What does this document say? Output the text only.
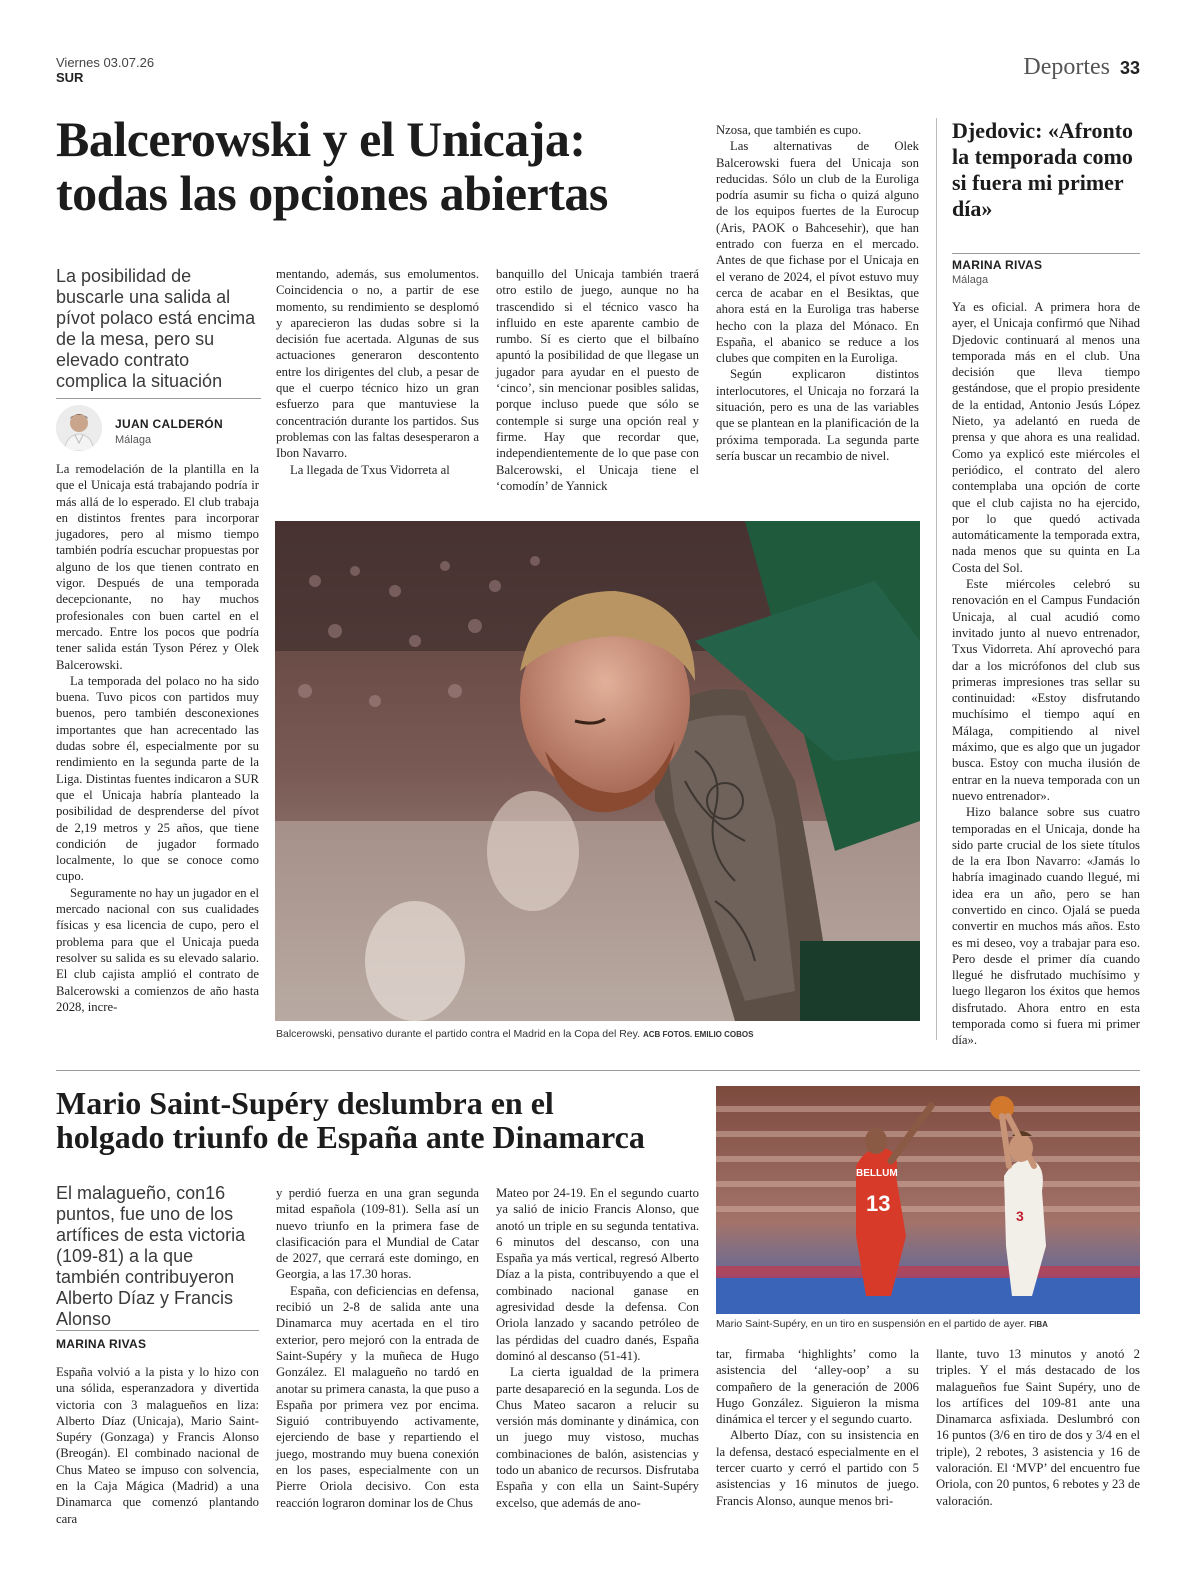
Viernes 03.07.26
SUR	Deportes 33
Balcerowski y el Unicaja:
todas las opciones abiertas
La posibilidad de buscarle una salida al pívot polaco está encima de la mesa, pero su elevado contrato complica la situación
JUAN CALDERÓN
Málaga

La remodelación de la plantilla en la que el Unicaja está trabajando podría ir más allá de lo esperado. El club trabaja en distintos frentes para incorporar jugadores, pero al mismo tiempo también podría escuchar propuestas por alguno de los que tienen contrato en vigor. Después de una temporada decepcionante, no hay muchos profesionales con buen cartel en el mercado. Entre los pocos que podría tener salida están Tyson Pérez y Olek Balcerowski.

La temporada del polaco no ha sido buena. Tuvo picos con partidos muy buenos, pero también desconexiones importantes que han acrecentado las dudas sobre él, especialmente por su rendimiento en la segunda parte de la Liga. Distintas fuentes indicaron a SUR que el Unicaja habría planteado la posibilidad de desprenderse del pívot de 2,19 metros y 25 años, que tiene condición de jugador formado localmente, lo que se conoce como cupo.

Seguramente no hay un jugador en el mercado nacional con sus cualidades físicas y esa licencia de cupo, pero el problema para que el Unicaja pueda resolver su salida es su elevado salario. El club cajista amplió el contrato de Balcerowski a comienzos de año hasta 2028, incre-

mentando, además, sus emolumentos. Coincidencia o no, a partir de ese momento, su rendimiento se desplomó y aparecieron las dudas sobre si la decisión fue acertada. Algunas de sus actuaciones generaron descontento entre los dirigentes del club, a pesar de que el cuerpo técnico hizo un gran esfuerzo para que mantuviese la concentración durante los partidos. Sus problemas con las faltas desesperaron a Ibon Navarro.

La llegada de Txus Vidorreta al

banquillo del Unicaja también traerá otro estilo de juego, aunque no ha trascendido si el técnico vasco ha influido en este aparente cambio de rumbo. Sí es cierto que el bilbaíno apuntó la posibilidad de que llegase un jugador para ayudar en el puesto de ‘cinco’, sin mencionar posibles salidas, porque incluso puede que sólo se contemple si surge una opción real y firme. Hay que recordar que, independientemente de lo que pase con Balcerowski, el Unicaja tiene el ‘comodín’ de Yannick

Nzosa, que también es cupo.

Las alternativas de Olek Balcerowski fuera del Unicaja son reducidas. Sólo un club de la Euroliga podría asumir su ficha o quizá alguno de los equipos fuertes de la Eurocup (Aris, PAOK o Bahcesehir), que han entrado con fuerza en el mercado. Antes de que fichase por el Unicaja en el verano de 2024, el pívot estuvo muy cerca de acabar en el Besiktas, que ahora está en la Euroliga tras haberse hecho con la plaza del Mónaco. En España, el abanico se reduce a los clubes que compiten en la Euroliga.

Según explicaron distintos interlocutores, el Unicaja no forzará la situación, pero es una de las variables que se plantean en la planificación de la próxima temporada. La segunda parte sería buscar un recambio de nivel.

Balcerowski, pensativo durante el partido contra el Madrid en la Copa del Rey. ACB FOTOS. EMILIO COBOS
Djedovic: «Afronto la temporada como si fuera mi primer día»
MARINA RIVAS
Málaga

Ya es oficial. A primera hora de ayer, el Unicaja confirmó que Nihad Djedovic continuará al menos una temporada más en el club. Una decisión que lleva tiempo gestándose, que el propio presidente de la entidad, Antonio Jesús López Nieto, ya adelantó en rueda de prensa y que ahora es una realidad. Como ya explicó este miércoles el periódico, el contrato del alero contemplaba una opción de corte que el club cajista no ha ejercido, por lo que quedó activada automáticamente la temporada extra, nada menos que su quinta en La Costa del Sol.

Este miércoles celebró su renovación en el Campus Fundación Unicaja, al cual acudió como invitado junto al nuevo entrenador, Txus Vidorreta. Ahí aprovechó para dar a los micrófonos del club sus primeras impresiones tras sellar su continuidad: «Estoy disfrutando muchísimo el tiempo aquí en Málaga, compitiendo al nivel máximo, que es algo que un jugador busca. Estoy con mucha ilusión de entrar en la nueva temporada con un nuevo entrenador».

Hizo balance sobre sus cuatro temporadas en el Unicaja, donde ha sido parte crucial de los siete títulos de la era Ibon Navarro: «Jamás lo habría imaginado cuando llegué, mi idea era un año, pero se han convertido en cinco. Ojalá se pueda convertir en muchos más años. Esto es mi deseo, voy a trabajar para eso. Pero desde el primer día cuando llegué he disfrutado muchísimo y luego llegaron los éxitos que hemos disfrutado. Ahora entro en esta temporada como si fuera mi primer día».

Mario Saint-Supéry deslumbra en el
holgado triunfo de España ante Dinamarca
El malagueño, con16 puntos, fue uno de los artífices de esta victoria (109-81) a la que también contribuyeron Alberto Díaz y Francis Alonso
MARINA RIVAS

España volvió a la pista y lo hizo con una sólida, esperanzadora y divertida victoria con 3 malagueños en liza: Alberto Díaz (Unicaja), Mario Saint-Supéry (Gonzaga) y Francis Alonso (Breogán). El combinado nacional de Chus Mateo se impuso con solvencia, en la Caja Mágica (Madrid) a una Dinamarca que comenzó plantando cara

y perdió fuerza en una gran segunda mitad española (109-81). Sella así un nuevo triunfo en la primera fase de clasificación para el Mundial de Catar de 2027, que cerrará este domingo, en Georgia, a las 17.30 horas.

España, con deficiencias en defensa, recibió un 2-8 de salida ante una Dinamarca muy acertada en el tiro exterior, pero mejoró con la entrada de Saint-Supéry y la muñeca de Hugo González. El malagueño no tardó en anotar su primera canasta, la que puso a España por primera vez por encima. Siguió contribuyendo activamente, ejerciendo de base y repartiendo el juego, mostrando muy buena conexión en los pases, especialmente con un Pierre Oriola decisivo. Con esta reacción lograron dominar los de Chus

Mateo por 24-19. En el segundo cuarto ya salió de inicio Francis Alonso, que anotó un triple en su segunda tentativa. 6 minutos del descanso, con una España ya más vertical, regresó Alberto Díaz a la pista, contribuyendo a que el combinado nacional ganase en agresividad desde la defensa. Con Oriola lanzado y sacando petróleo de las pérdidas del cuadro danés, España dominó al descanso (51-41).

La cierta igualdad de la primera parte desapareció en la segunda. Los de Chus Mateo sacaron a relucir su versión más dominante y dinámica, con un juego muy vistoso, muchas combinaciones de balón, asistencias y todo un abanico de recursos. Disfrutaba España y con ella un Saint-Supéry excelso, que además de ano-

tar, firmaba ‘highlights’ como la asistencia del ‘alley-oop’ a su compañero de la generación de 2006 Hugo González. Siguieron la misma dinámica el tercer y el segundo cuarto.

Alberto Díaz, con su insistencia en la defensa, destacó especialmente en el tercer cuarto y cerró el partido con 5 asistencias y 16 minutos de juego. Francis Alonso, aunque menos bri-

llante, tuvo 13 minutos y anotó 2 triples. Y el más destacado de los malagueños fue Saint Supéry, uno de los artífices del 109-81 ante una Dinamarca asfixiada. Deslumbró con 16 puntos (3/6 en tiro de dos y 3/4 en el triple), 2 rebotes, 3 asistencia y 16 de valoración. El ‘MVP’ del encuentro fue Oriola, con 20 puntos, 6 rebotes y 23 de valoración.

BELLUM
13	3
Mario Saint-Supéry, en un tiro en suspensión en el partido de ayer. FIBA
